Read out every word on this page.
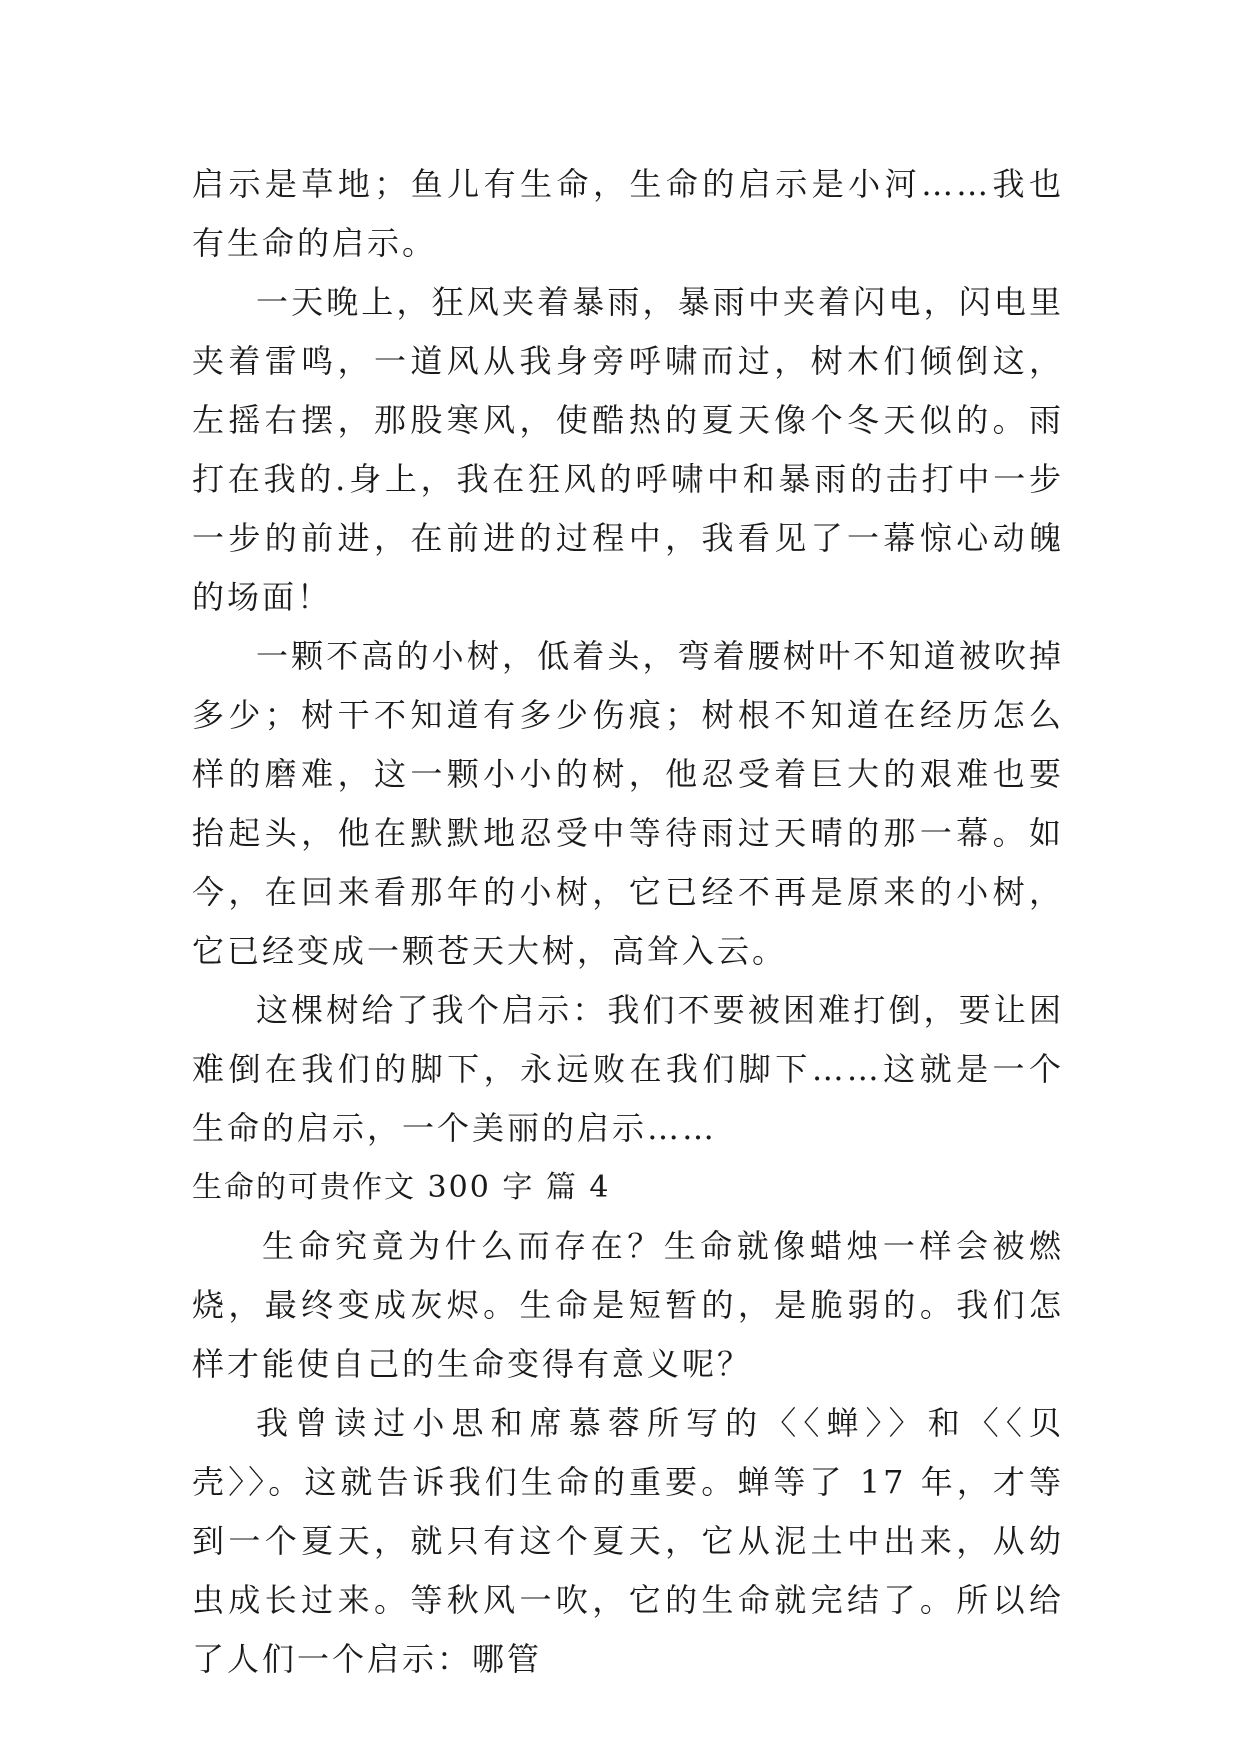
启示是草地；鱼儿有生命，生命的启示是小河……我也有生命的启示。

一天晚上，狂风夹着暴雨，暴雨中夹着闪电，闪电里夹着雷鸣，一道风从我身旁呼啸而过，树木们倾倒这，左摇右摆，那股寒风，使酷热的夏天像个冬天似的。雨打在我的.身上，我在狂风的呼啸中和暴雨的击打中一步一步的前进，在前进的过程中，我看见了一幕惊心动魄的场面！

一颗不高的小树，低着头，弯着腰树叶不知道被吹掉多少；树干不知道有多少伤痕；树根不知道在经历怎么样的磨难，这一颗小小的树，他忍受着巨大的艰难也要抬起头，他在默默地忍受中等待雨过天晴的那一幕。如今，在回来看那年的小树，它已经不再是原来的小树，它已经变成一颗苍天大树，高耸入云。

这棵树给了我个启示：我们不要被困难打倒，要让困难倒在我们的脚下，永远败在我们脚下……这就是一个生命的启示，一个美丽的启示……

生命的可贵作文 300 字 篇 4

生命究竟为什么而存在？生命就像蜡烛一样会被燃烧，最终变成灰烬。生命是短暂的，是脆弱的。我们怎样才能使自己的生命变得有意义呢？

我曾读过小思和席慕蓉所写的〈〈蝉〉〉和〈〈贝壳〉〉。这就告诉我们生命的重要。蝉等了 17 年，才等到一个夏天，就只有这个夏天，它从泥土中出来，从幼虫成长过来。等秋风一吹，它的生命就完结了。所以给了人们一个启示：哪管
